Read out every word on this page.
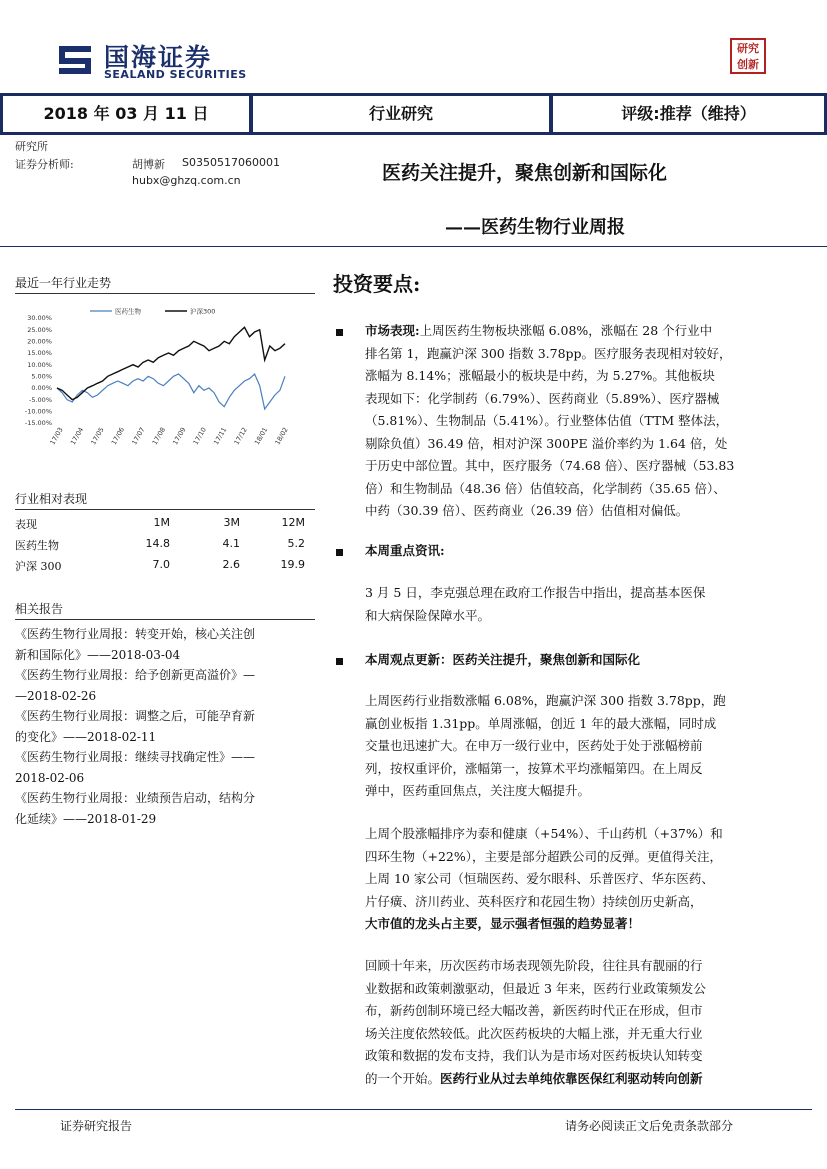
国海证券
SEALAND SECURITIES
研究创新
2018 年 03 月 11 日	行业研究	评级:推荐（维持）
研究所
证券分析师:	胡博新 S0350517060001
hubx@ghzq.com.cn	医药关注提升，聚焦创新和国际化
——医药生物行业周报
最近一年行业走势
医药生物	沪深300
30.00%
25.00%
20.00%
15.00%
10.00%
5.00%
0.00%
-5.00%
-10.00%
-15.00%
17/03 17/04 17/05 17/06 17/07 17/08 17/09 17/10 17/11 17/12 18/01 18/02
行业相对表现
表现	1M	3M	12M
医药生物	14.8	4.1	5.2
沪深 300	7.0	2.6	19.9
相关报告
《医药生物行业周报：转变开始，核心关注创
新和国际化》——2018-03-04
《医药生物行业周报：给予创新更高溢价》—
—2018-02-26
《医药生物行业周报：调整之后，可能孕育新
的变化》——2018-02-11
《医药生物行业周报：继续寻找确定性》——
2018-02-06
《医药生物行业周报：业绩预告启动，结构分
化延续》——2018-01-29
投资要点:
市场表现:上周医药生物板块涨幅 6.08%，涨幅在 28 个行业中
排名第 1，跑赢沪深 300 指数 3.78pp。医疗服务表现相对较好，
涨幅为 8.14%；涨幅最小的板块是中药，为 5.27%。其他板块
表现如下：化学制药（6.79%）、医药商业（5.89%）、医疗器械
（5.81%）、生物制品（5.41%）。行业整体估值（TTM 整体法，
剔除负值）36.49 倍，相对沪深 300PE 溢价率约为 1.64 倍，处
于历史中部位置。其中，医疗服务（74.68 倍）、医疗器械（53.83
倍）和生物制品（48.36 倍）估值较高，化学制药（35.65 倍）、
中药（30.39 倍）、医药商业（26.39 倍）估值相对偏低。
本周重点资讯:
3 月 5 日，李克强总理在政府工作报告中指出，提高基本医保
和大病保险保障水平。
本周观点更新：医药关注提升，聚焦创新和国际化
上周医药行业指数涨幅 6.08%，跑赢沪深 300 指数 3.78pp，跑
赢创业板指 1.31pp。单周涨幅，创近 1 年的最大涨幅，同时成
交量也迅速扩大。在申万一级行业中，医药处于处于涨幅榜前
列，按权重评价，涨幅第一，按算术平均涨幅第四。在上周反
弹中，医药重回焦点，关注度大幅提升。
上周个股涨幅排序为泰和健康（+54%）、千山药机（+37%）和
四环生物（+22%），主要是部分超跌公司的反弹。更值得关注，
上周 10 家公司（恒瑞医药、爱尔眼科、乐普医疗、华东医药、
片仔癀、济川药业、英科医疗和花园生物）持续创历史新高，
大市值的龙头占主要，显示强者恒强的趋势显著！
回顾十年来，历次医药市场表现领先阶段，往往具有靓丽的行
业数据和政策刺激驱动，但最近 3 年来，医药行业政策频发公
布，新药创制环境已经大幅改善，新医药时代正在形成，但市
场关注度依然较低。此次医药板块的大幅上涨，并无重大行业
政策和数据的发布支持，我们认为是市场对医药板块认知转变
的一个开始。医药行业从过去单纯依靠医保红利驱动转向创新
证券研究报告	请务必阅读正文后免责条款部分
